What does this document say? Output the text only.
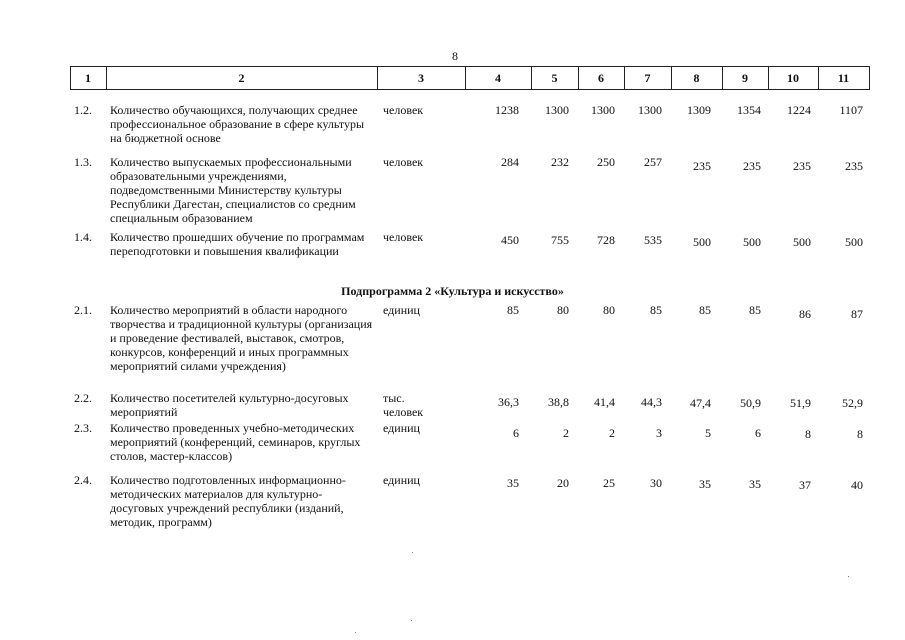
8
1	2	3	4	5	6	7	8	9	10	11
1.2. Количество обучающихся, получающих среднее профессиональное образование в сфере культуры на бюджетной основе
человек	1238 1300 1300 1300 1309 1354 1224 1107
1.3. Количество выпускаемых профессиональными образовательными учреждениями, подведомственными Министерству культуры Республики Дагестан, специалистов со средним специальным образованием
человек	284	232 250 257	235	235	235	235
1.4. Количество прошедших обучение по программам переподготовки и повышения квалификации
человек	450	755 728 535	500	500	500	500
Подпрограмма 2 «Культура и искусство»
2.1. Количество мероприятий в области народного творчества и традиционной культуры (организация и проведение фестивалей, выставок, смотров, конкурсов, конференций и иных программных мероприятий силами учреждения)
единиц	85	80	80	85	85	85	86	87
2.2. Количество посетителей культурно-досуговых мероприятий
тыс. человек
36,3 38,8 41,4 44,3 47,4 50,9 51,9	52,9
2.3. Количество проведенных учебно-методических мероприятий (конференций, семинаров, круглых столов, мастер-классов)
единиц	6	2	2	3	5	6	8	8
2.4. Количество подготовленных информационно-методических материалов для культурно-досуговых учреждений республики (изданий, методик, программ)
единиц	35	20	25	30	35	35	37	40
